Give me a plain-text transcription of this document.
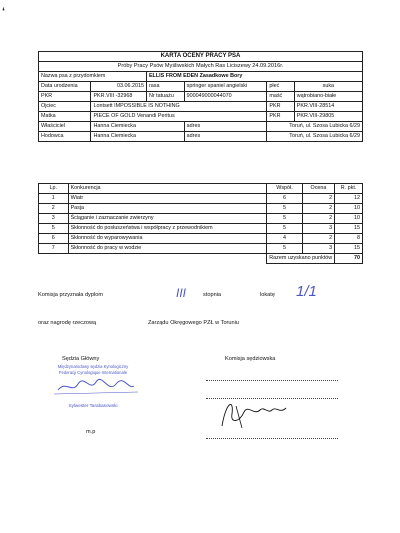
‘
KARTA OCENY PRACY PSA					
Próby Pracy Psów Myśliwskich Małych Ras Liciszewy 24.09.2016r.					
Nazwa psa z przydomkiem		ELLIS FROM EDEN Zasadkowe Bory			
Data urodzenia	03.06.2015	rasa	springer spaniel angielski	płeć	suka
PKR	PKR.VIII -32968	Nr tatuażu	900049000044070	maść	wątrobiano-białe
Ojciec	Lontsett IMPOSSIBLE IS NOTHING			PKR	PKR.VIII-28514
Matka	PIECE OF GOLD Venandi Peritus			PKR	PKR.VIII-29805
Właściciel	Hanna Ciemiecka		adres	Toruń, ul. Szosa Lubicka 6/29	
Hodowca	Hanna Ciemiecka		adres	Toruń, ul. Szosa Lubicka 6/29	
Lp.	Konkurencja	Współ.	Ocena	R. pkt.
1	Wiatr	6	2	12
2	Pasja	5	2	10
3	Ściąganie i zaznaczanie zwierzyny	5	2	10
5	Skłonność do posłuszeństwa i współpracy z przewodnikiem	5	3	15
6	Skłonność do wyparowywania	4	2	8
7	Skłonność do pracy w wodzie	5	3	15
		Razem uzyskano punktów		70
Komisja przyznała dyplom	III	stopnia	lokatę 1/1
oraz nagrodę rzeczową	Zarządu Okręgowego PZŁ w Toruniu
Sędzia Główny	Komisja sędziowska
Międzynarodowy sędzia Kynologiczny
Federacji Cynologique Internationale
Sylwester Tarabasowski
m.p
